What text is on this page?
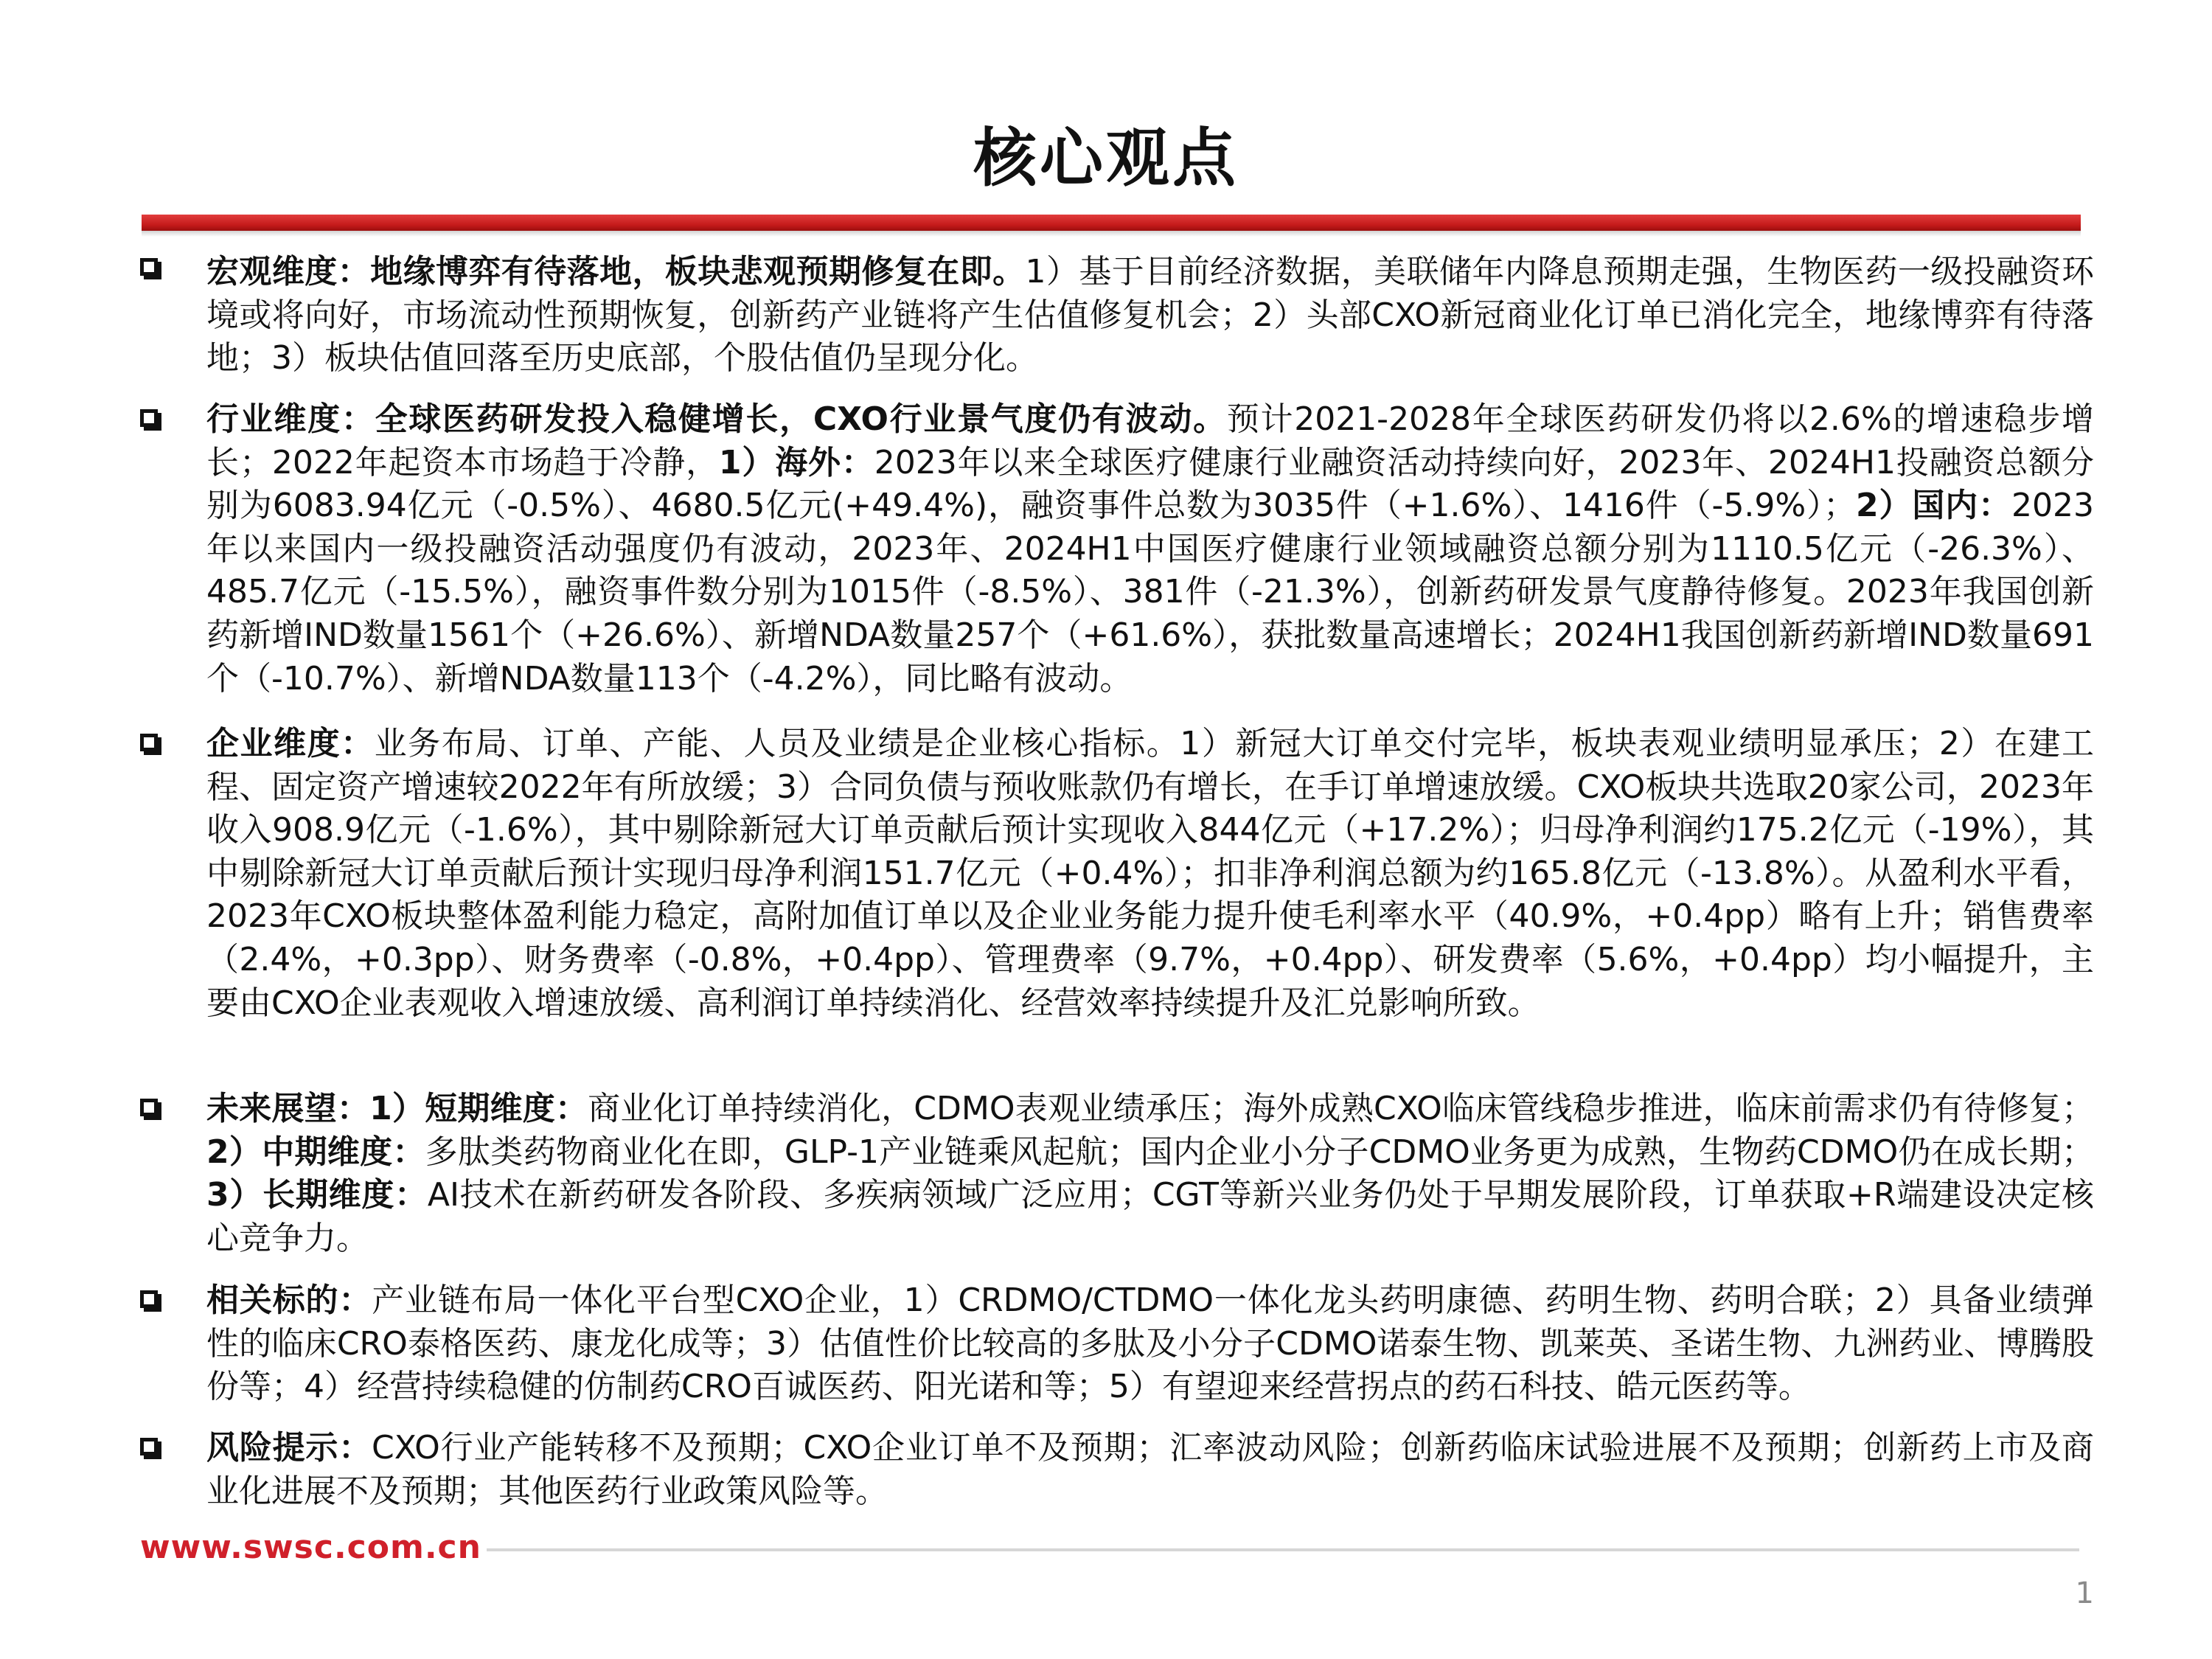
核心观点

宏观维度：地缘博弈有待落地，板块悲观预期修复在即。1）基于目前经济数据，美联储年内降息预期走强，生物医药一级投融资环境或将向好，市场流动性预期恢复，创新药产业链将产生估值修复机会；2）头部CXO新冠商业化订单已消化完全，地缘博弈有待落地；3）板块估值回落至历史底部，个股估值仍呈现分化。

行业维度：全球医药研发投入稳健增长，CXO行业景气度仍有波动。预计2021-2028年全球医药研发仍将以2.6%的增速稳步增长；2022年起资本市场趋于冷静，1）海外：2023年以来全球医疗健康行业融资活动持续向好，2023年、2024H1投融资总额分别为6083.94亿元（-0.5%）、4680.5亿元(+49.4%)，融资事件总数为3035件（+1.6%）、1416件（-5.9%）；2）国内：2023年以来国内一级投融资活动强度仍有波动，2023年、2024H1中国医疗健康行业领域融资总额分别为1110.5亿元（-26.3%）、485.7亿元（-15.5%），融资事件数分别为1015件（-8.5%）、381件（-21.3%），创新药研发景气度静待修复。2023年我国创新药新增IND数量1561个（+26.6%）、新增NDA数量257个（+61.6%），获批数量高速增长；2024H1我国创新药新增IND数量691个（-10.7%）、新增NDA数量113个（-4.2%），同比略有波动。

企业维度：业务布局、订单、产能、人员及业绩是企业核心指标。1）新冠大订单交付完毕，板块表观业绩明显承压；2）在建工程、固定资产增速较2022年有所放缓；3）合同负债与预收账款仍有增长，在手订单增速放缓。CXO板块共选取20家公司，2023年收入908.9亿元（-1.6%），其中剔除新冠大订单贡献后预计实现收入844亿元（+17.2%）；归母净利润约175.2亿元（-19%），其中剔除新冠大订单贡献后预计实现归母净利润151.7亿元（+0.4%）；扣非净利润总额为约165.8亿元（-13.8%）。从盈利水平看，2023年CXO板块整体盈利能力稳定，高附加值订单以及企业业务能力提升使毛利率水平（40.9%，+0.4pp）略有上升；销售费率（2.4%，+0.3pp）、财务费率（-0.8%，+0.4pp）、管理费率（9.7%，+0.4pp）、研发费率（5.6%，+0.4pp）均小幅提升，主要由CXO企业表观收入增速放缓、高利润订单持续消化、经营效率持续提升及汇兑影响所致。

未来展望：1）短期维度：商业化订单持续消化，CDMO表观业绩承压；海外成熟CXO临床管线稳步推进，临床前需求仍有待修复；2）中期维度：多肽类药物商业化在即，GLP-1产业链乘风起航；国内企业小分子CDMO业务更为成熟，生物药CDMO仍在成长期；3）长期维度：AI技术在新药研发各阶段、多疾病领域广泛应用；CGT等新兴业务仍处于早期发展阶段，订单获取+R端建设决定核心竞争力。

相关标的：产业链布局一体化平台型CXO企业，1）CRDMO/CTDMO一体化龙头药明康德、药明生物、药明合联；2）具备业绩弹性的临床CRO泰格医药、康龙化成等；3）估值性价比较高的多肽及小分子CDMO诺泰生物、凯莱英、圣诺生物、九洲药业、博腾股份等；4）经营持续稳健的仿制药CRO百诚医药、阳光诺和等；5）有望迎来经营拐点的药石科技、皓元医药等。

风险提示：CXO行业产能转移不及预期；CXO企业订单不及预期；汇率波动风险；创新药临床试验进展不及预期；创新药上市及商业化进展不及预期；其他医药行业政策风险等。

www.swsc.com.cn
1
